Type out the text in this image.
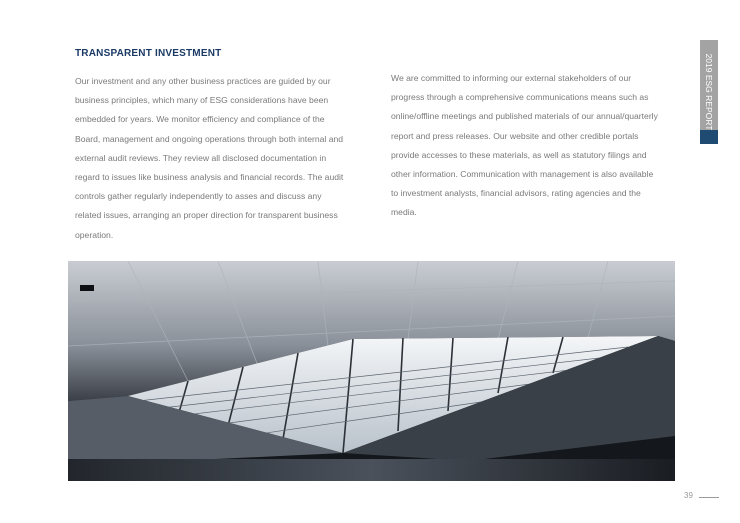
TRANSPARENT INVESTMENT
Our investment and any other business practices are guided by our business principles, which many of ESG considerations have been embedded for years. We monitor efficiency and compliance of the Board, management and ongoing operations through both internal and external audit reviews. They review all disclosed documentation in regard to issues like business analysis and financial records. The audit controls gather regularly independently to asses and discuss any related issues, arranging an proper direction for transparent business operation.
We are committed to informing our external stakeholders of our progress through a comprehensive communications means such as online/offline meetings and published materials of our annual/quarterly report and press releases. Our website and other credible portals provide accesses to these materials, as well as statutory filings and other information. Communication with management is also available to investment analysts, financial advisors, rating agencies and the media.
2019 ESG REPORT
39
